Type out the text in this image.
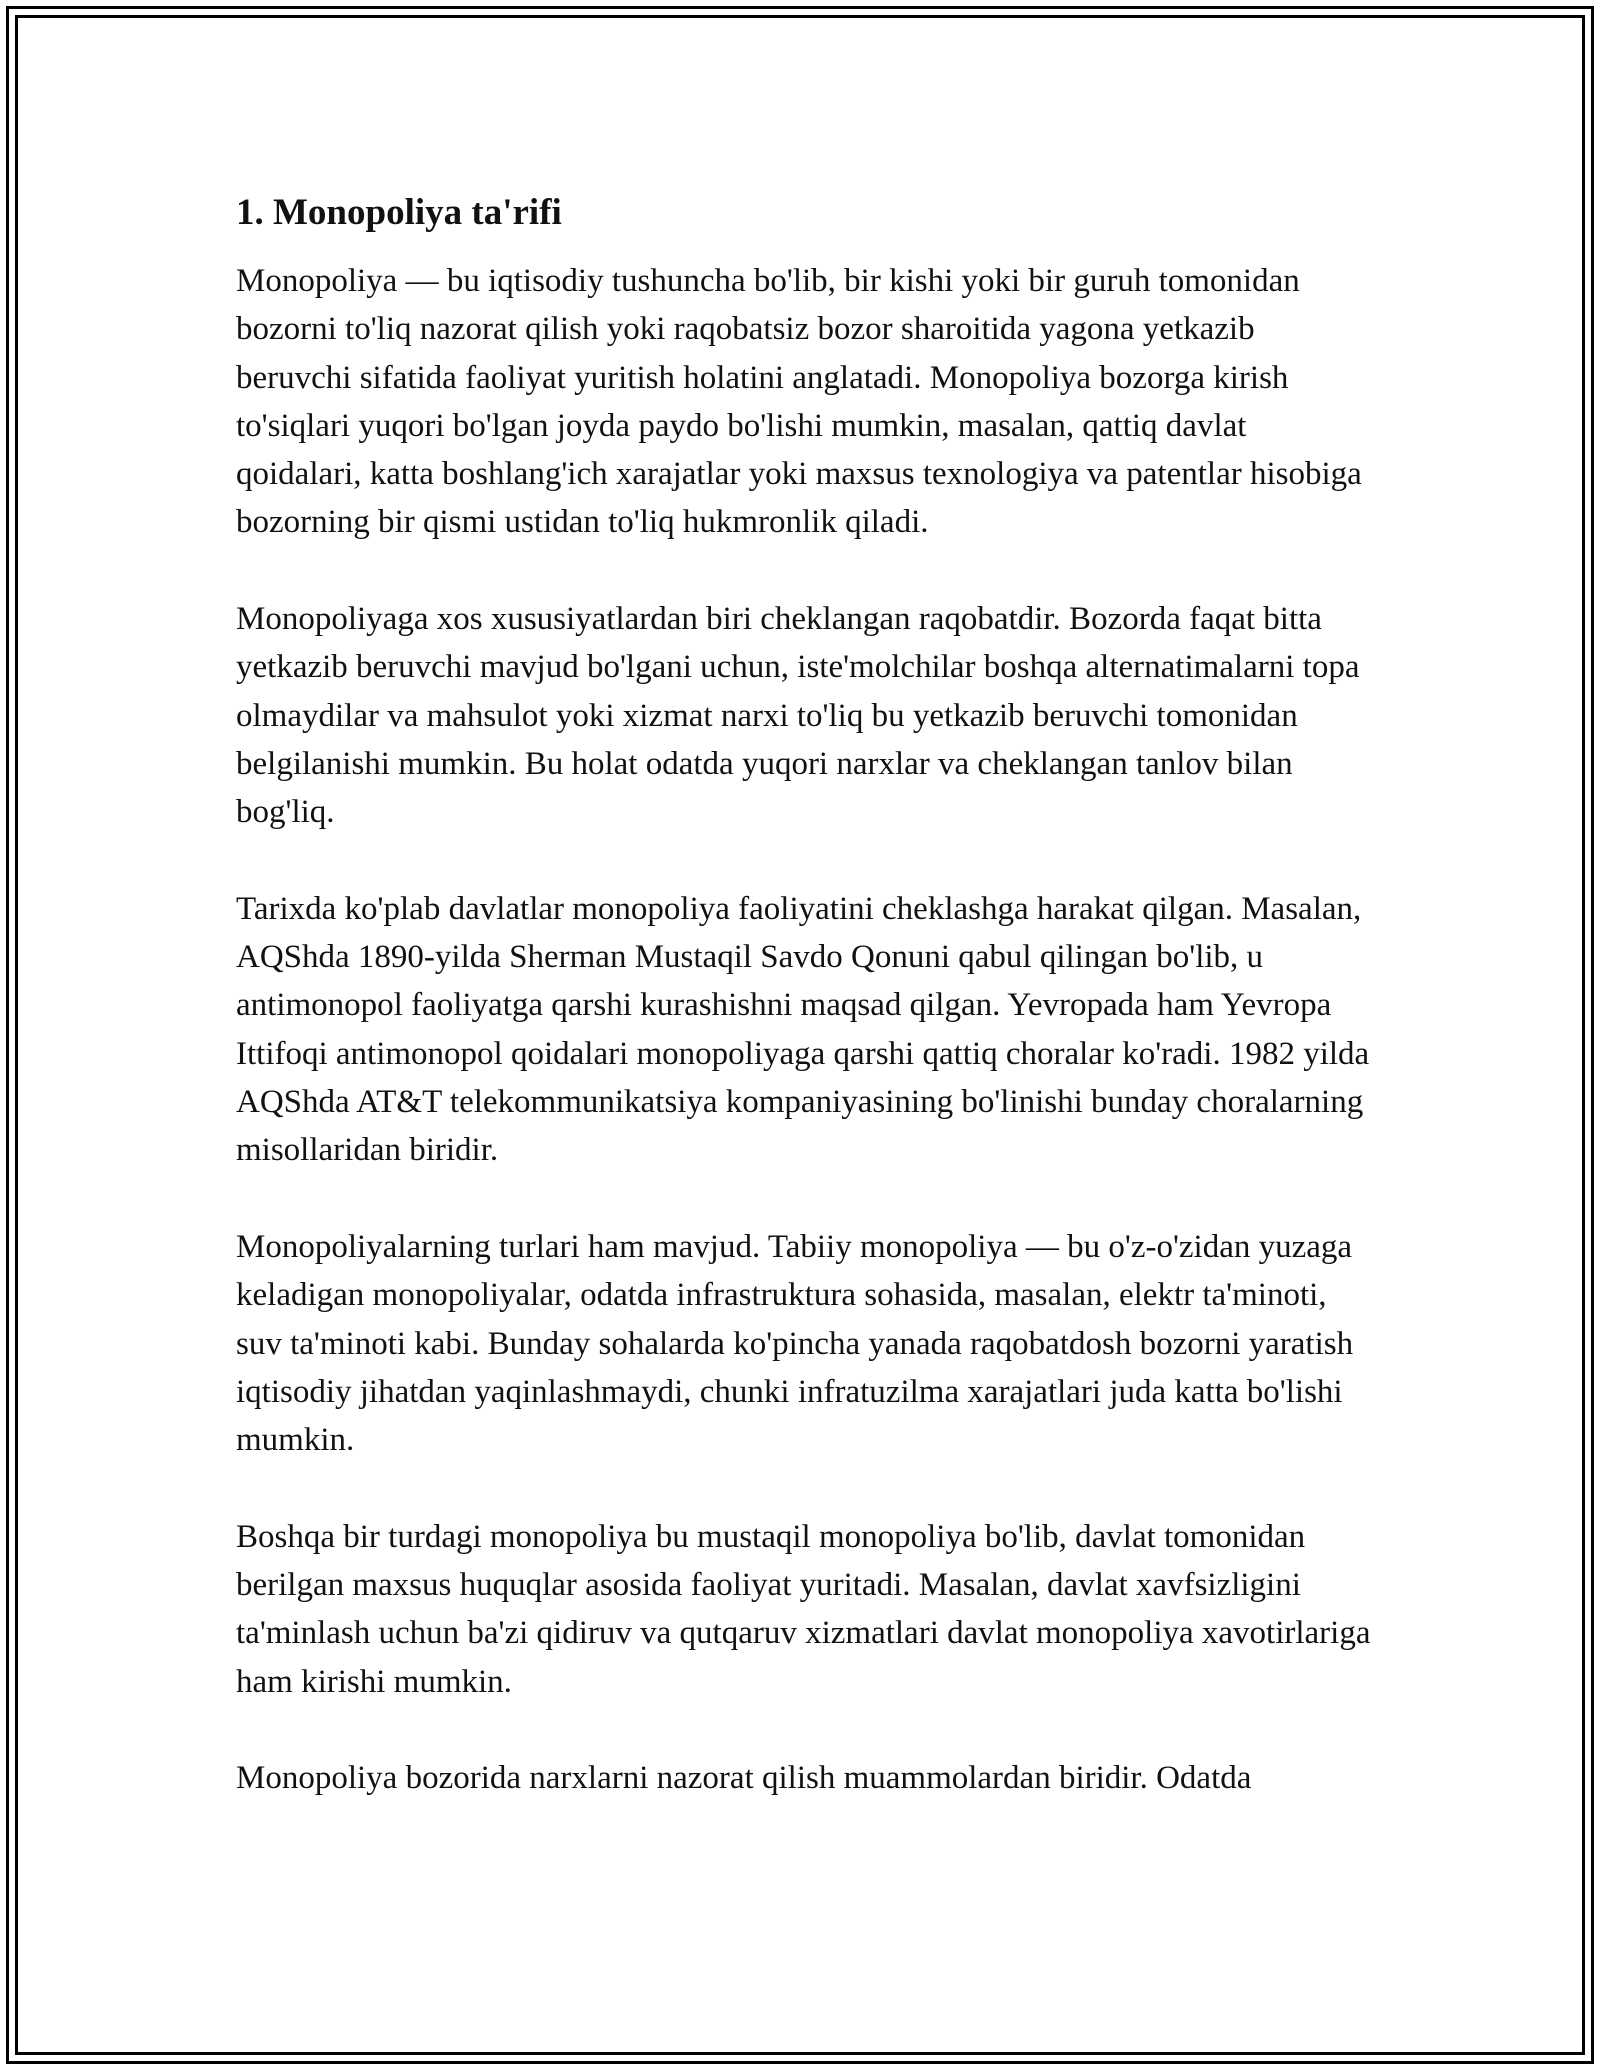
1. Monopoliya ta'rifi

Monopoliya — bu iqtisodiy tushuncha bo'lib, bir kishi yoki bir guruh tomonidan bozorni to'liq nazorat qilish yoki raqobatsiz bozor sharoitida yagona yetkazib beruvchi sifatida faoliyat yuritish holatini anglatadi. Monopoliya bozorga kirish to'siqlari yuqori bo'lgan joyda paydo bo'lishi mumkin, masalan, qattiq davlat qoidalari, katta boshlang'ich xarajatlar yoki maxsus texnologiya va patentlar hisobiga bozorning bir qismi ustidan to'liq hukmronlik qiladi.

Monopoliyaga xos xususiyatlardan biri cheklangan raqobatdir. Bozorda faqat bitta yetkazib beruvchi mavjud bo'lgani uchun, iste'molchilar boshqa alternatimalarni topa olmaydilar va mahsulot yoki xizmat narxi to'liq bu yetkazib beruvchi tomonidan belgilanishi mumkin. Bu holat odatda yuqori narxlar va cheklangan tanlov bilan bog'liq.

Tarixda ko'plab davlatlar monopoliya faoliyatini cheklashga harakat qilgan. Masalan, AQShda 1890-yilda Sherman Mustaqil Savdo Qonuni qabul qilingan bo'lib, u antimonopol faoliyatga qarshi kurashishni maqsad qilgan. Yevropada ham Yevropa Ittifoqi antimonopol qoidalari monopoliyaga qarshi qattiq choralar ko'radi. 1982 yilda AQShda AT&T telekommunikatsiya kompaniyasining bo'linishi bunday choralarning misollaridan biridir.

Monopoliyalarning turlari ham mavjud. Tabiiy monopoliya — bu o'z-o'zidan yuzaga keladigan monopoliyalar, odatda infrastruktura sohasida, masalan, elektr ta'minoti, suv ta'minoti kabi. Bunday sohalarda ko'pincha yanada raqobatdosh bozorni yaratish iqtisodiy jihatdan yaqinlashmaydi, chunki infratuzilma xarajatlari juda katta bo'lishi mumkin.

Boshqa bir turdagi monopoliya bu mustaqil monopoliya bo'lib, davlat tomonidan berilgan maxsus huquqlar asosida faoliyat yuritadi. Masalan, davlat xavfsizligini ta'minlash uchun ba'zi qidiruv va qutqaruv xizmatlari davlat monopoliya xavotirlariga ham kirishi mumkin.

Monopoliya bozorida narxlarni nazorat qilish muammolardan biridir. Odatda
